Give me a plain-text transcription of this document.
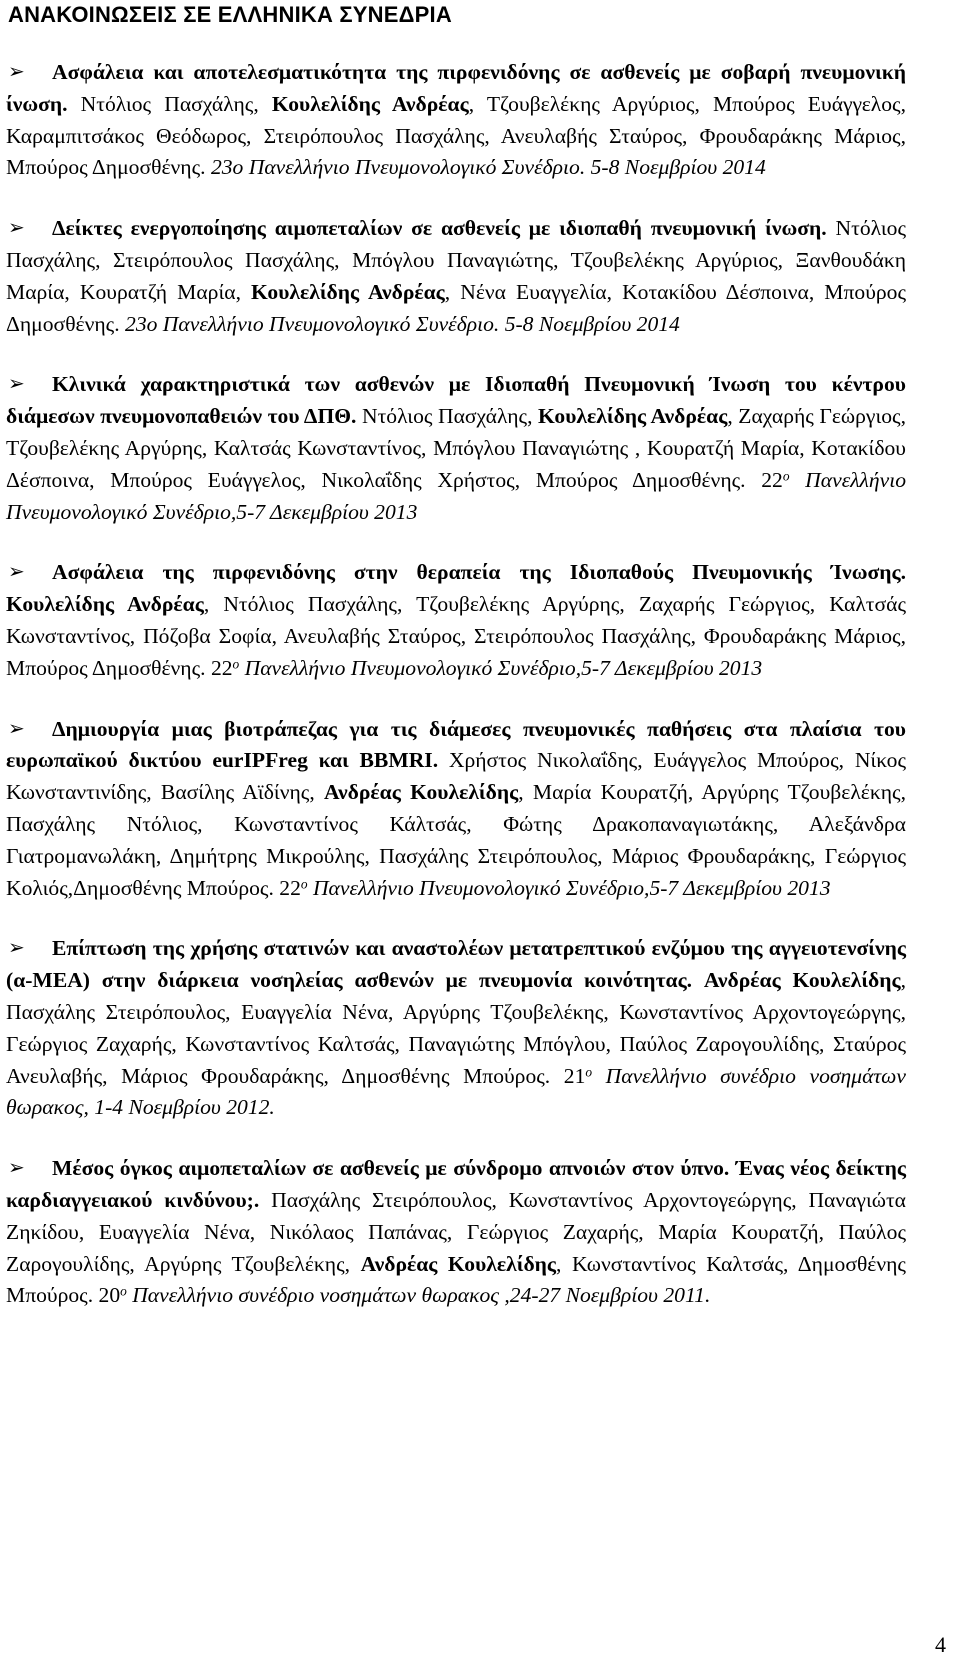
ΑΝΑΚΟΙΝΩΣΕΙΣ ΣΕ ΕΛΛΗΝΙΚΑ ΣΥΝΕΔΡΙΑ
➢	Ασφάλεια και αποτελεσματικότητα της πιρφενιδόνης σε ασθενείς με σοβαρή πνευμονική ίνωση. Ντόλιος Πασχάλης, Κουλελίδης Ανδρέας, Τζουβελέκης Αργύριος, Μπούρος Ευάγγελος, Καραμπιτσάκος Θεόδωρος, Στειρόπουλος Πασχάλης, Ανευλαβής Σταύρος, Φρουδαράκης Μάριος, Μπούρος Δημοσθένης. 23ο Πανελλήνιο Πνευμονολογικό Συνέδριο. 5-8 Νοεμβρίου 2014
➢	Δείκτες ενεργοποίησης αιμοπεταλίων σε ασθενείς με ιδιοπαθή πνευμονική ίνωση. Ντόλιος Πασχάλης, Στειρόπουλος Πασχάλης, Μπόγλου Παναγιώτης, Τζουβελέκης Αργύριος, Ξανθουδάκη Μαρία, Κουρατζή Μαρία, Κουλελίδης Ανδρέας, Νένα Ευαγγελία, Κοτακίδου Δέσποινα, Μπούρος Δημοσθένης. 23ο Πανελλήνιο Πνευμονολογικό Συνέδριο. 5-8 Νοεμβρίου 2014
➢	Κλινικά χαρακτηριστικά των ασθενών με Ιδιοπαθή Πνευμονική Ίνωση του κέντρου διάμεσων πνευμονοπαθειών του ΔΠΘ. Ντόλιος Πασχάλης, Κουλελίδης Ανδρέας, Ζαχαρής Γεώργιος, Τζουβελέκης Αργύρης, Καλτσάς Κωνσταντίνος, Μπόγλου Παναγιώτης , Κουρατζή Μαρία, Κοτακίδου Δέσποινα, Μπούρος Ευάγγελος, Νικολαΐδης Χρήστος, Μπούρος Δημοσθένης. $22^o$ Πανελλήνιο Πνευμονολογικό Συνέδριο,5-7 Δεκεμβρίου 2013
➢	Ασφάλεια της πιρφενιδόνης στην θεραπεία της Ιδιοπαθούς Πνευμονικής Ίνωσης. Κουλελίδης Ανδρέας, Ντόλιος Πασχάλης, Τζουβελέκης Αργύρης, Ζαχαρής Γεώργιος, Καλτσάς Κωνσταντίνος, Πόζοβα Σοφία, Ανευλαβής Σταύρος, Στειρόπουλος Πασχάλης, Φρουδαράκης Μάριος, Μπούρος Δημοσθένης. $22^o$ Πανελλήνιο Πνευμονολογικό Συνέδριο,5-7 Δεκεμβρίου 2013
➢	Δημιουργία μιας βιοτράπεζας για τις διάμεσες πνευμονικές παθήσεις στα πλαίσια του ευρωπαϊκού δικτύου eurIPFreg και BBMRI. Χρήστος Νικολαΐδης, Ευάγγελος Μπούρος, Νίκος Κωνσταντινίδης, Βασίλης Αϊδίνης, Ανδρέας Κουλελίδης, Μαρία Κουρατζή, Αργύρης Τζουβελέκης, Πασχάλης Ντόλιος, Κωνσταντίνος Κάλτσάς, Φώτης Δρακοπαναγιωτάκης, Αλεξάνδρα Γιατρομανωλάκη, Δημήτρης Μικρούλης, Πασχάλης Στειρόπουλος, Μάριος Φρουδαράκης, Γεώργιος Κολιός,Δημοσθένης Μπούρος. $22^o$ Πανελλήνιο Πνευμονολογικό Συνέδριο,5-7 Δεκεμβρίου 2013
➢	Επίπτωση της χρήσης στατινών και αναστολέων μετατρεπτικού ενζύμου της αγγειοτενσίνης (α-ΜΕΑ) στην διάρκεια νοσηλείας ασθενών με πνευμονία κοινότητας. Ανδρέας Κουλελίδης, Πασχάλης Στειρόπουλος, Ευαγγελία Νένα, Αργύρης Τζουβελέκης, Κωνσταντίνος Αρχοντογεώργης, Γεώργιος Ζαχαρής, Κωνσταντίνος Καλτσάς, Παναγιώτης Μπόγλου, Παύλος Ζαρογουλίδης, Σταύρος Ανευλαβής, Μάριος Φρουδαράκης, Δημοσθένης Μπούρος. $21^o$ Πανελλήνιο συνέδριο νοσημάτων θωρακος, 1-4 Νοεμβρίου 2012.
➢	Μέσος όγκος αιμοπεταλίων σε ασθενείς με σύνδρομο απνοιών στον ύπνο. Ένας νέος δείκτης καρδιαγγειακού κινδύνου;. Πασχάλης Στειρόπουλος, Κωνσταντίνος Αρχοντογεώργης, Παναγιώτα Ζηκίδου, Ευαγγελία Νένα, Νικόλαος Παπάνας, Γεώργιος Ζαχαρής, Μαρία Κουρατζή, Παύλος Ζαρογουλίδης, Αργύρης Τζουβελέκης, Ανδρέας Κουλελίδης, Κωνσταντίνος Καλτσάς, Δημοσθένης Μπούρος. $20^o$ Πανελλήνιο συνέδριο νοσημάτων θωρακος ,24-27 Νοεμβρίου 2011.
4
